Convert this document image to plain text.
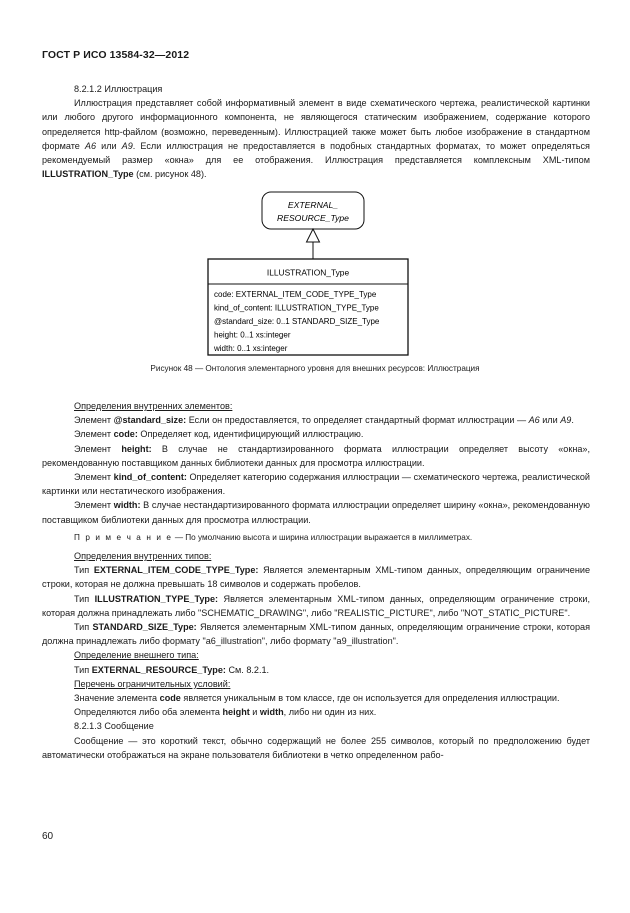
ГОСТ Р ИСО 13584-32—2012

8.2.1.2 Иллюстрация

Иллюстрация представляет собой информативный элемент в виде схематического чертежа, реалистической картинки или любого другого информационного компонента, не являющегося статическим изображением, содержание которого определяется http-файлом (возможно, переведенным). Иллюстрацией также может быть любое изображение в стандартном формате A6 или A9. Если иллюстрация не предоставляется в подобных стандартных форматах, то может определяться рекомендуемый размер «окна» для ее отображения. Иллюстрация представляется комплексным XML-типом ILLUSTRATION_Type (см. рисунок 48).

EXTERNAL_
RESOURCE_Type
ILLUSTRATION_Type
code: EXTERNAL_ITEM_CODE_TYPE_Type
kind_of_content: ILLUSTRATION_TYPE_Type
@standard_size: 0..1 STANDARD_SIZE_Type
height: 0..1 xs:integer
width: 0..1 xs:integer
Рисунок 48 — Онтология элементарного уровня для внешних ресурсов: Иллюстрация

Определения внутренних элементов:

Элемент @standard_size: Если он предоставляется, то определяет стандартный формат иллюстрации — A6 или A9.

Элемент code: Определяет код, идентифицирующий иллюстрацию.

Элемент height: В случае не стандартизированного формата иллюстрации определяет высоту «окна», рекомендованную поставщиком данных библиотеки данных для просмотра иллюстрации.

Элемент kind_of_content: Определяет категорию содержания иллюстрации — схематического чертежа, реалистической картинки или нестатического изображения.

Элемент width: В случае нестандартизированного формата иллюстрации определяет ширину «окна», рекомендованную поставщиком библиотеки данных для просмотра иллюстрации.

П р и м е ч а н и е — По умолчанию высота и ширина иллюстрации выражается в миллиметрах.

Определения внутренних типов:

Тип EXTERNAL_ITEM_CODE_TYPE_Type: Является элементарным XML-типом данных, определяющим ограничение строки, которая не должна превышать 18 символов и содержать пробелов.

Тип ILLUSTRATION_TYPE_Type: Является элементарным XML-типом данных, определяющим ограничение строки, которая должна принадлежать либо "SCHEMATIC_DRAWING", либо "REALISTIC_PICTURE", либо "NOT_STATIC_PICTURE".

Тип STANDARD_SIZE_Type: Является элементарным XML-типом данных, определяющим ограничение строки, которая должна принадлежать либо формату "a6_illustration", либо формату "a9_illustration".

Определение внешнего типа:

Тип EXTERNAL_RESOURCE_Type: См. 8.2.1.

Перечень ограничительных условий:

Значение элемента code является уникальным в том классе, где он используется для определения иллюстрации.

Определяются либо оба элемента height и width, либо ни один из них.

8.2.1.3 Сообщение

Сообщение — это короткий текст, обычно содержащий не более 255 символов, который по предположению будет автоматически отображаться на экране пользователя библиотеки в четко определенном рабо-

60
